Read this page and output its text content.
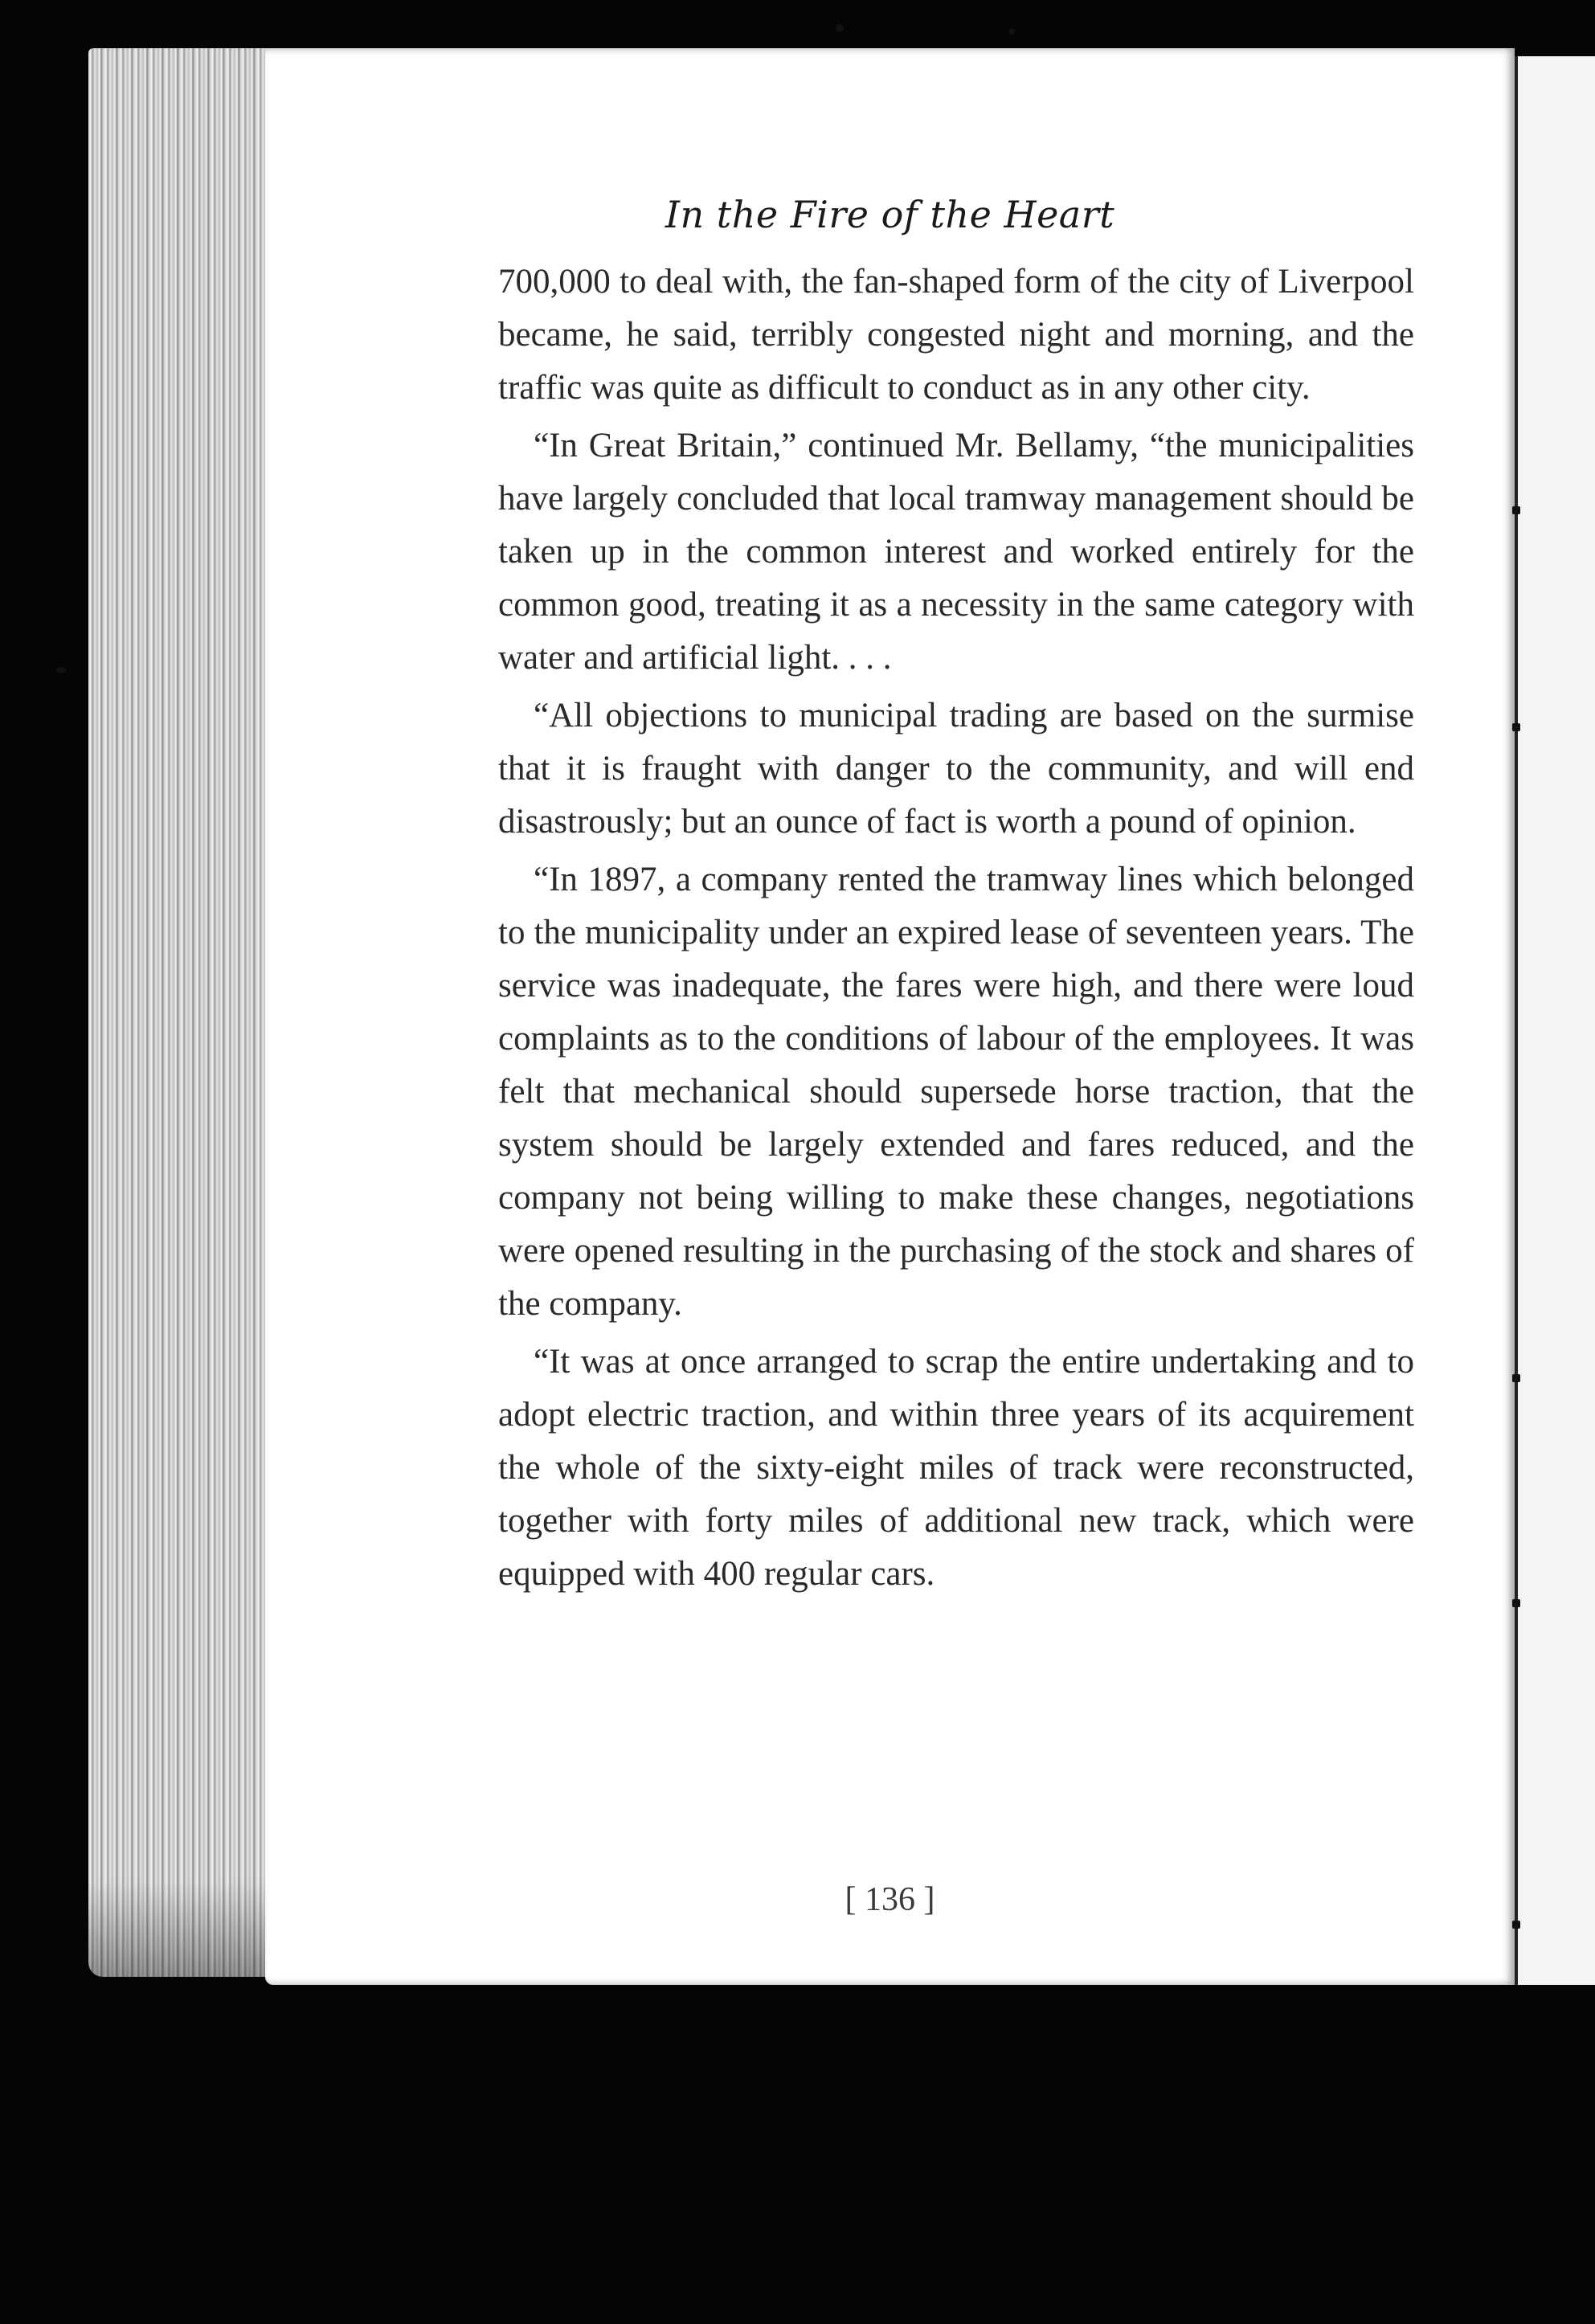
In the Fire of the Heart

700,000 to deal with, the fan-shaped form of the city of Liverpool became, he said, terribly congested night and morning, and the traffic was quite as difficult to conduct as in any other city.

“In Great Britain,” continued Mr. Bellamy, “the municipalities have largely concluded that local tramway management should be taken up in the common interest and worked entirely for the common good, treating it as a necessity in the same category with water and artificial light. . . .

“All objections to municipal trading are based on the surmise that it is fraught with danger to the community, and will end disastrously; but an ounce of fact is worth a pound of opinion.

“In 1897, a company rented the tramway lines which belonged to the municipality under an expired lease of seventeen years. The service was inadequate, the fares were high, and there were loud complaints as to the conditions of labour of the employees. It was felt that mechanical should supersede horse traction, that the system should be largely extended and fares reduced, and the company not being willing to make these changes, negotiations were opened resulting in the purchasing of the stock and shares of the company.

“It was at once arranged to scrap the entire undertaking and to adopt electric traction, and within three years of its acquirement the whole of the sixty-eight miles of track were reconstructed, together with forty miles of additional new track, which were equipped with 400 regular cars.

[ 136 ]
